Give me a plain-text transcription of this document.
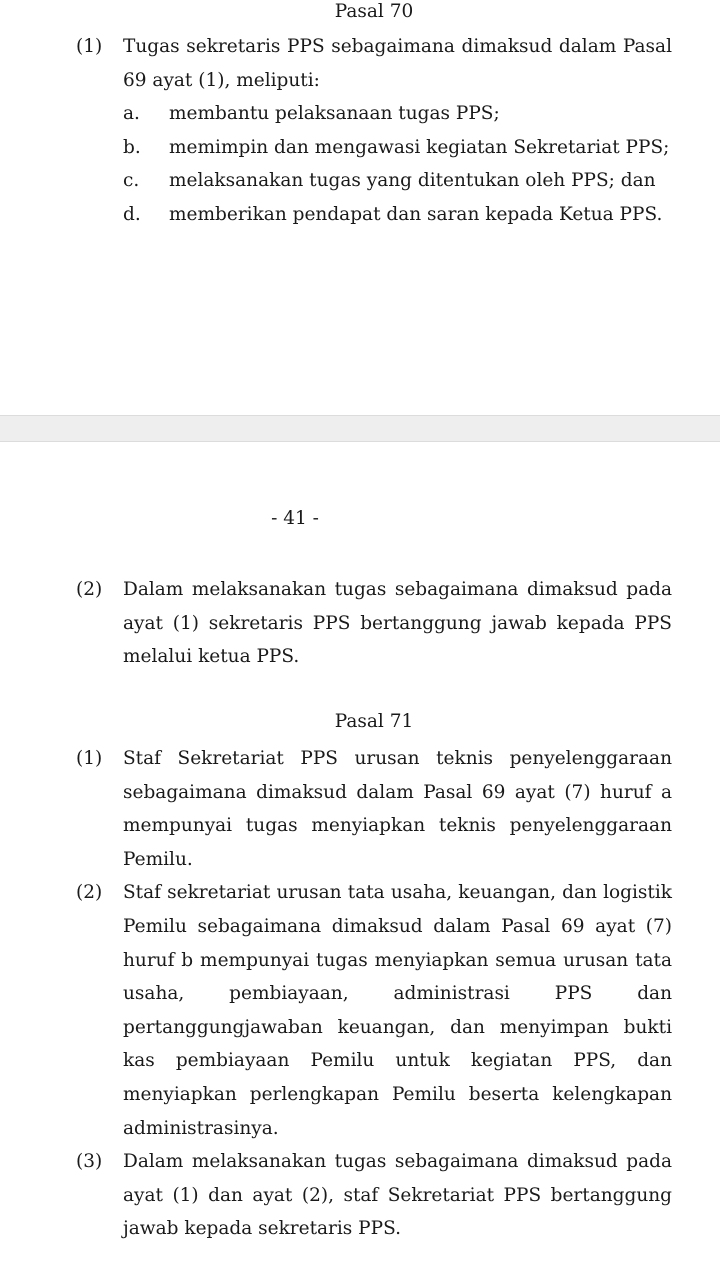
Pasal 70
(1)	Tugas sekretaris PPS sebagaimana dimaksud dalam Pasal 69 ayat (1), meliputi:
a.	membantu pelaksanaan tugas PPS;
b.	memimpin dan mengawasi kegiatan Sekretariat PPS;
c.	melaksanakan tugas yang ditentukan oleh PPS; dan
d.	memberikan pendapat dan saran kepada Ketua PPS.
- 41 -
(2)	Dalam melaksanakan tugas sebagaimana dimaksud pada ayat (1) sekretaris PPS bertanggung jawab kepada PPS melalui ketua PPS.
Pasal 71
(1)	Staf Sekretariat PPS urusan teknis penyelenggaraan sebagaimana dimaksud dalam Pasal 69 ayat (7) huruf a mempunyai tugas menyiapkan teknis penyelenggaraan Pemilu.
(2)	Staf sekretariat urusan tata usaha, keuangan, dan logistik Pemilu sebagaimana dimaksud dalam Pasal 69 ayat (7) huruf b mempunyai tugas menyiapkan semua urusan tata usaha, pembiayaan, administrasi PPS dan pertanggungjawaban keuangan, dan menyimpan bukti kas pembiayaan Pemilu untuk kegiatan PPS, dan menyiapkan perlengkapan Pemilu beserta kelengkapan administrasinya.
(3)	Dalam melaksanakan tugas sebagaimana dimaksud pada ayat (1) dan ayat (2), staf Sekretariat PPS bertanggung jawab kepada sekretaris PPS.
